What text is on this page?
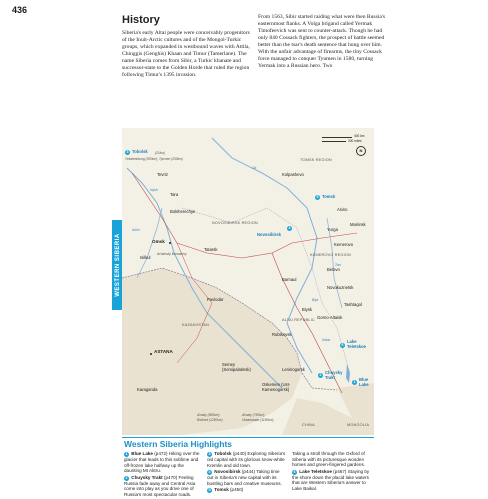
436
History
Siberia's early Altai people were conceivably progenitors of the Inuit-Arctic cultures and of the Mongol-Turkic groups, which expanded in westbound waves with Attila, Chinggis (Genghis) Khaan and Timur (Tamerlane). The name Siberia comes from Sibir, a Turkic khanate and successor-state to the Golden Horde that ruled the region following Timur's 1395 invasion.
From 1563, Sibir started raiding what were then Russia's easternmost flanks. A Volga brigand called Yermak Timofeevich was sent to counter-attack. Though he had only 840 Cossack fighters, the prospect of battle seemed better than the tsar's death sentence that hung over him. With the unfair advantage of firearms, the tiny Cossack force managed to conquer Tyumen in 1580, turning Yermak into a Russian hero. Two
WESTERN SIBERIA
400 km
200 miles
N
TOMSK REGION
NOVOSIBIRSK REGION
KEMEROVO REGION
ALTAI REPUBLIC
KAZAKHSTAN
MONGOLIA
CHINA
3 Tobolsk (21km)
Yekaterinburg (300km); Tyumen (250km)
Tevriz
Tara
Bolsherechye
Omsk
Achairsky Monastery
Isilkul
Tatarsk
5 Tomsk
4
Novosibirsk
Kolpashevo
Asino
Mariinsk
Yurga
Kemerovo
Belovo
Barnaul
Novokuznetsk
Tashtagol
Biysk
Gorno-Altaisk
Pavlodar
Rubtsovsk
ASTANA
Karaganda
Semey (Semipalatinsk)	Leninogorsk
Oskemen (Ust-Kamenogorsk)
6
Lake Teletskoe
2 Chuysky Trakt
1 Blue Lake
Almaty (850km); Bishkek (1250km)
Almaty (750km); Ulaanbaatar (1150km)
Irtysh
Ob
Ishim
Tom
Katun
Biya
Western Siberia Highlights
1 Blue Lake (p472) Hiking over the glacier that leads to this sublime and off-frozen lake halfway up the daunting Mt Aktru.
2 Chuysky Trakt (p470) Feeling Russia fade away and Central Asia come into play as you drive one of Russia's most spectacular roads.
3 Tobolsk (p440) Exploring Siberia's old capital with its glorious snow-white Kremlin and old town.
4 Novosibirsk (p444) Taking time out in Siberia's new capital with its bustling bars and creative museums.
5 Tomsk (p450)
Taking a stroll through the Oxford of Siberia with its picturesque wooden homes and green-fingered gardens.
6 Lake Teletskoe (p467) Staying by the shore down the placid lake waters that are Western Siberia's answer to Lake Baikal.
